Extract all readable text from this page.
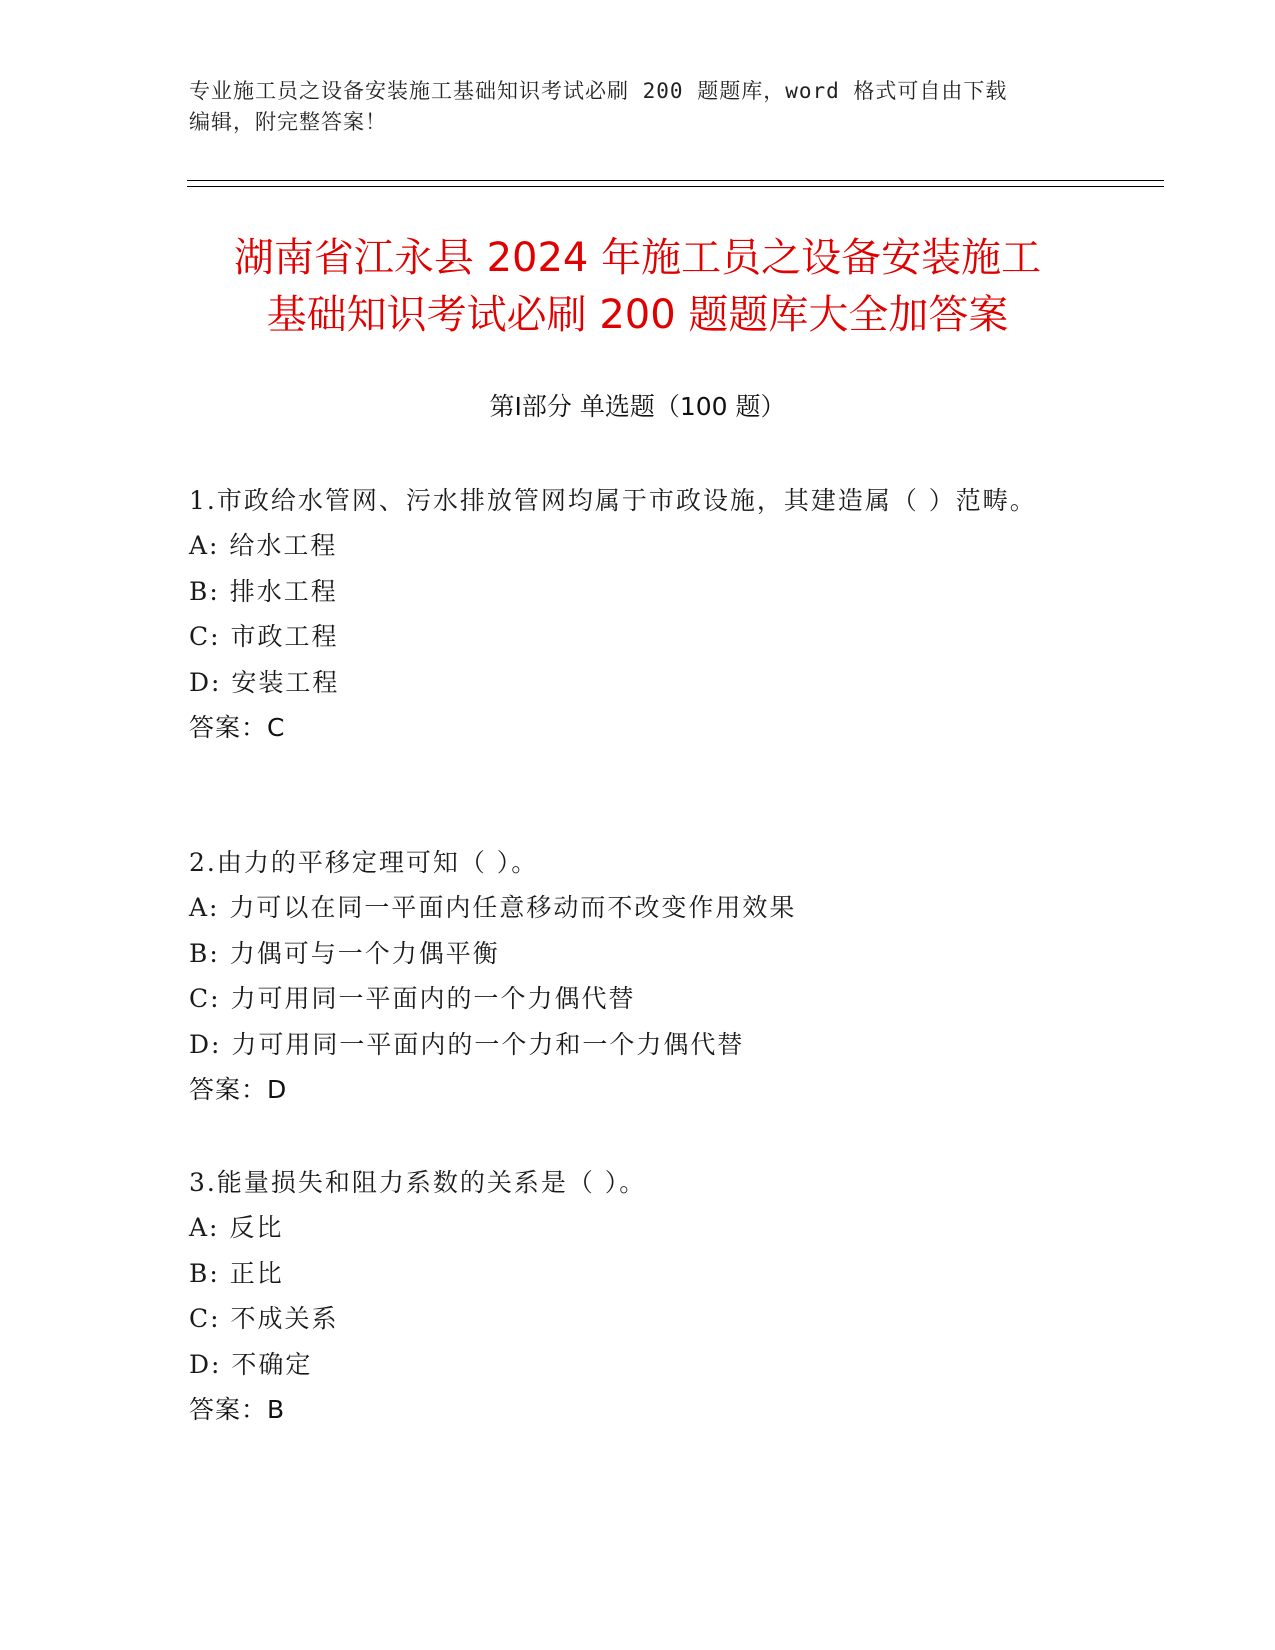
专业施工员之设备安装施工基础知识考试必刷 200 题题库，word 格式可自由下载
编辑，附完整答案！
湖南省江永县 2024 年施工员之设备安装施工
基础知识考试必刷 200 题题库大全加答案
第Ⅰ部分 单选题（100 题）

1.市政给水管网、污水排放管网均属于市政设施，其建造属（ ）范畴。

A: 给水工程

B: 排水工程

C: 市政工程

D: 安装工程

答案：C

2.由力的平移定理可知（ ）。

A: 力可以在同一平面内任意移动而不改变作用效果

B: 力偶可与一个力偶平衡

C: 力可用同一平面内的一个力偶代替

D: 力可用同一平面内的一个力和一个力偶代替

答案：D

3.能量损失和阻力系数的关系是（ ）。

A: 反比

B: 正比

C: 不成关系

D: 不确定

答案：B
